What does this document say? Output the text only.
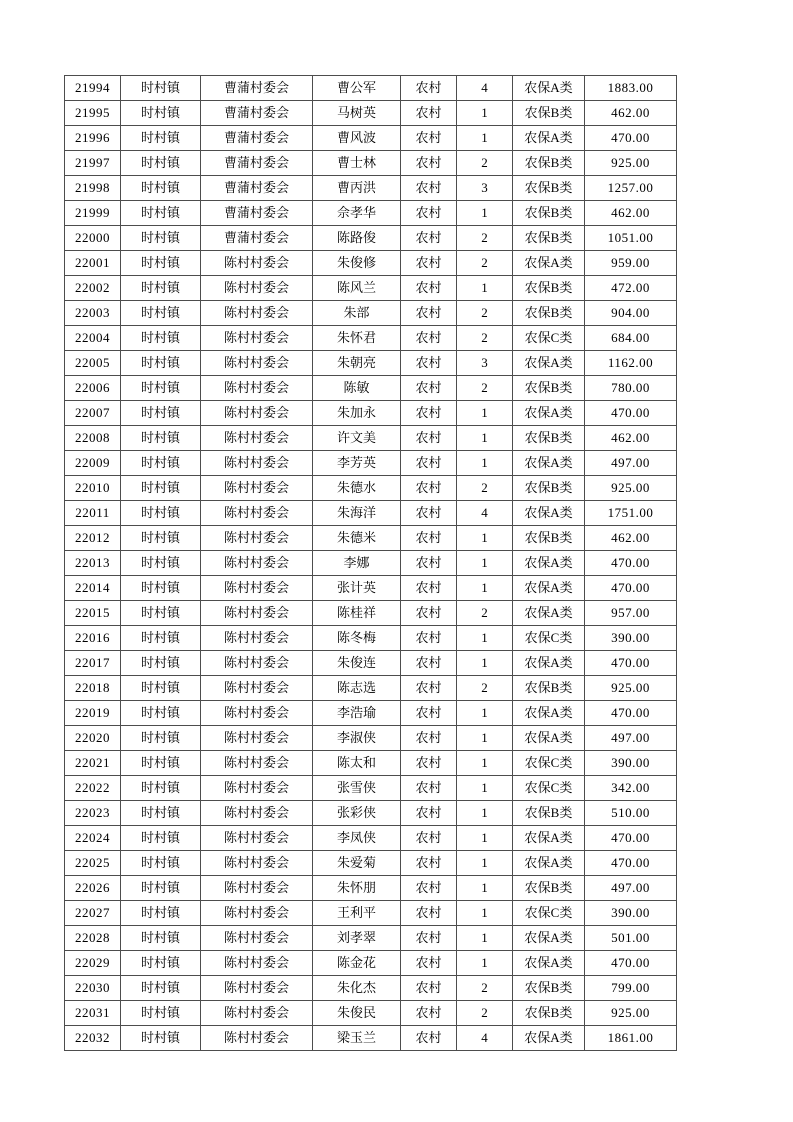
21994	时村镇	曹蒲村委会	曹公军	农村	4	农保A类	1883.00
21995	时村镇	曹蒲村委会	马树英	农村	1	农保B类	462.00
21996	时村镇	曹蒲村委会	曹风波	农村	1	农保A类	470.00
21997	时村镇	曹蒲村委会	曹士林	农村	2	农保B类	925.00
21998	时村镇	曹蒲村委会	曹丙洪	农村	3	农保B类	1257.00
21999	时村镇	曹蒲村委会	佘孝华	农村	1	农保B类	462.00
22000	时村镇	曹蒲村委会	陈路俊	农村	2	农保B类	1051.00
22001	时村镇	陈村村委会	朱俊修	农村	2	农保A类	959.00
22002	时村镇	陈村村委会	陈风兰	农村	1	农保B类	472.00
22003	时村镇	陈村村委会	朱部	农村	2	农保B类	904.00
22004	时村镇	陈村村委会	朱怀君	农村	2	农保C类	684.00
22005	时村镇	陈村村委会	朱朝亮	农村	3	农保A类	1162.00
22006	时村镇	陈村村委会	陈敏	农村	2	农保B类	780.00
22007	时村镇	陈村村委会	朱加永	农村	1	农保A类	470.00
22008	时村镇	陈村村委会	许文美	农村	1	农保B类	462.00
22009	时村镇	陈村村委会	李芳英	农村	1	农保A类	497.00
22010	时村镇	陈村村委会	朱德水	农村	2	农保B类	925.00
22011	时村镇	陈村村委会	朱海洋	农村	4	农保A类	1751.00
22012	时村镇	陈村村委会	朱德米	农村	1	农保B类	462.00
22013	时村镇	陈村村委会	李娜	农村	1	农保A类	470.00
22014	时村镇	陈村村委会	张计英	农村	1	农保A类	470.00
22015	时村镇	陈村村委会	陈桂祥	农村	2	农保A类	957.00
22016	时村镇	陈村村委会	陈冬梅	农村	1	农保C类	390.00
22017	时村镇	陈村村委会	朱俊连	农村	1	农保A类	470.00
22018	时村镇	陈村村委会	陈志选	农村	2	农保B类	925.00
22019	时村镇	陈村村委会	李浩瑜	农村	1	农保A类	470.00
22020	时村镇	陈村村委会	李淑侠	农村	1	农保A类	497.00
22021	时村镇	陈村村委会	陈太和	农村	1	农保C类	390.00
22022	时村镇	陈村村委会	张雪侠	农村	1	农保C类	342.00
22023	时村镇	陈村村委会	张彩侠	农村	1	农保B类	510.00
22024	时村镇	陈村村委会	李凤侠	农村	1	农保A类	470.00
22025	时村镇	陈村村委会	朱爱菊	农村	1	农保A类	470.00
22026	时村镇	陈村村委会	朱怀朋	农村	1	农保B类	497.00
22027	时村镇	陈村村委会	王利平	农村	1	农保C类	390.00
22028	时村镇	陈村村委会	刘孝翠	农村	1	农保A类	501.00
22029	时村镇	陈村村委会	陈金花	农村	1	农保A类	470.00
22030	时村镇	陈村村委会	朱化杰	农村	2	农保B类	799.00
22031	时村镇	陈村村委会	朱俊民	农村	2	农保B类	925.00
22032	时村镇	陈村村委会	梁玉兰	农村	4	农保A类	1861.00
